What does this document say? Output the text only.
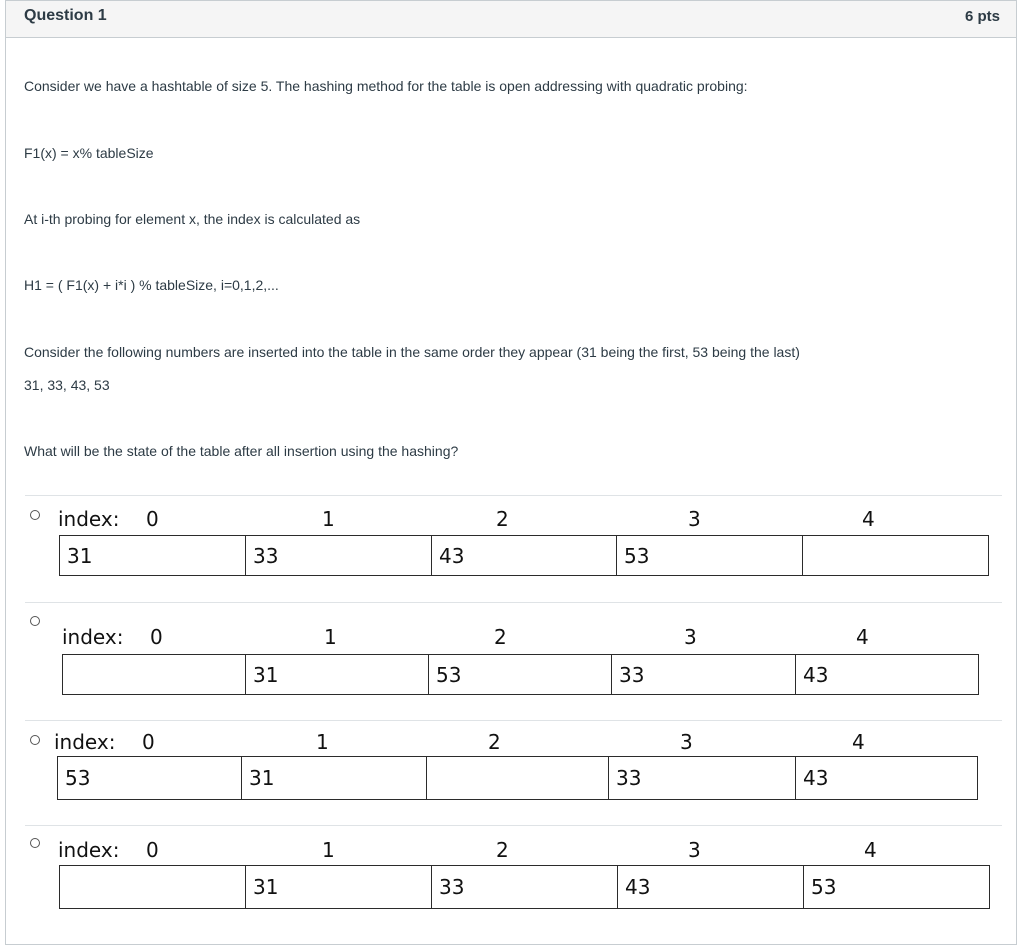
Question 1	6 pts
Consider we have a hashtable of size 5. The hashing method for the table is open addressing with quadratic probing:
F1(x) = x% tableSize
At i-th probing for element x, the index is calculated as
H1 = ( F1(x) + i*i ) % tableSize, i=0,1,2,...
Consider the following numbers are inserted into the table in the same order they appear (31 being the first, 53 being the last)
31, 33, 43, 53
What will be the state of the table after all insertion using the hashing?
index: 0	1	2	3	4
31	33	43	53	
index: 0	1	2	3	4
	31	53	33	43
index: 0	1	2	3	4
53	31		33	43
index: 0	1	2	3	4
	31	33	43	53
